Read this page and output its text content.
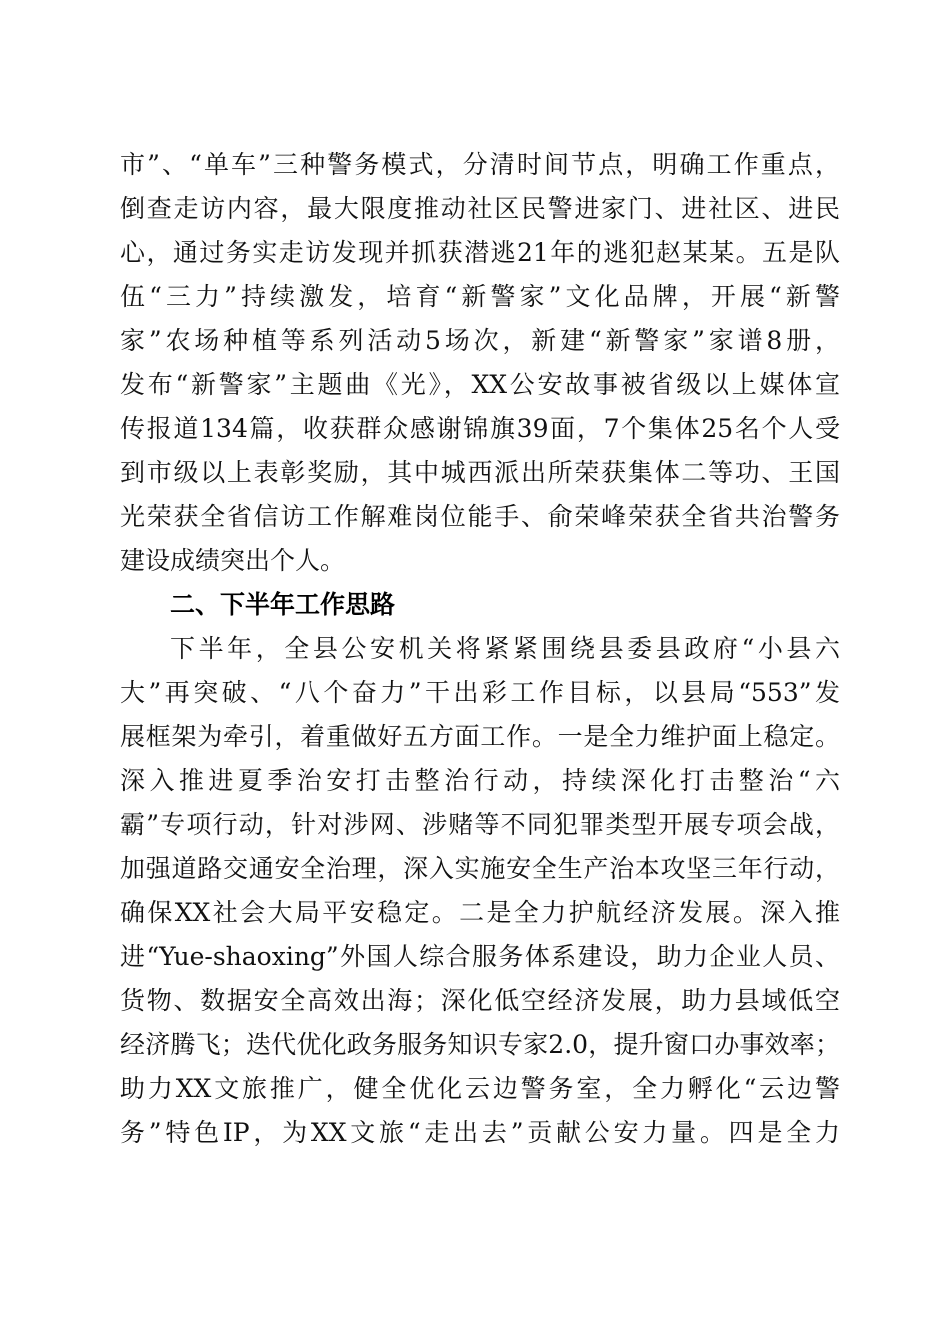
市”、“单车”三种警务模式，分清时间节点，明确工作重点，
倒查走访内容，最大限度推动社区民警进家门、进社区、进民
心，通过务实走访发现并抓获潜逃21年的逃犯赵某某。五是队
伍“三力”持续激发，培育“新警家”文化品牌，开展“新警
家”农场种植等系列活动5场次，新建“新警家”家谱8册，
发布“新警家”主题曲《光》，XX公安故事被省级以上媒体宣
传报道134篇，收获群众感谢锦旗39面，7个集体25名个人受
到市级以上表彰奖励，其中城西派出所荣获集体二等功、王国
光荣获全省信访工作解难岗位能手、俞荣峰荣获全省共治警务
建设成绩突出个人。
二、下半年工作思路
下半年，全县公安机关将紧紧围绕县委县政府“小县六
大”再突破、“八个奋力”干出彩工作目标，以县局“553”发
展框架为牵引，着重做好五方面工作。一是全力维护面上稳定。
深入推进夏季治安打击整治行动，持续深化打击整治“六
霸”专项行动，针对涉网、涉赌等不同犯罪类型开展专项会战，
加强道路交通安全治理，深入实施安全生产治本攻坚三年行动，
确保XX社会大局平安稳定。二是全力护航经济发展。深入推
进“Yue-shaoxing”外国人综合服务体系建设，助力企业人员、
货物、数据安全高效出海；深化低空经济发展，助力县域低空
经济腾飞；迭代优化政务服务知识专家2.0，提升窗口办事效率；
助力XX文旅推广，健全优化云边警务室，全力孵化“云边警
务”特色IP，为XX文旅“走出去”贡献公安力量。四是全力
